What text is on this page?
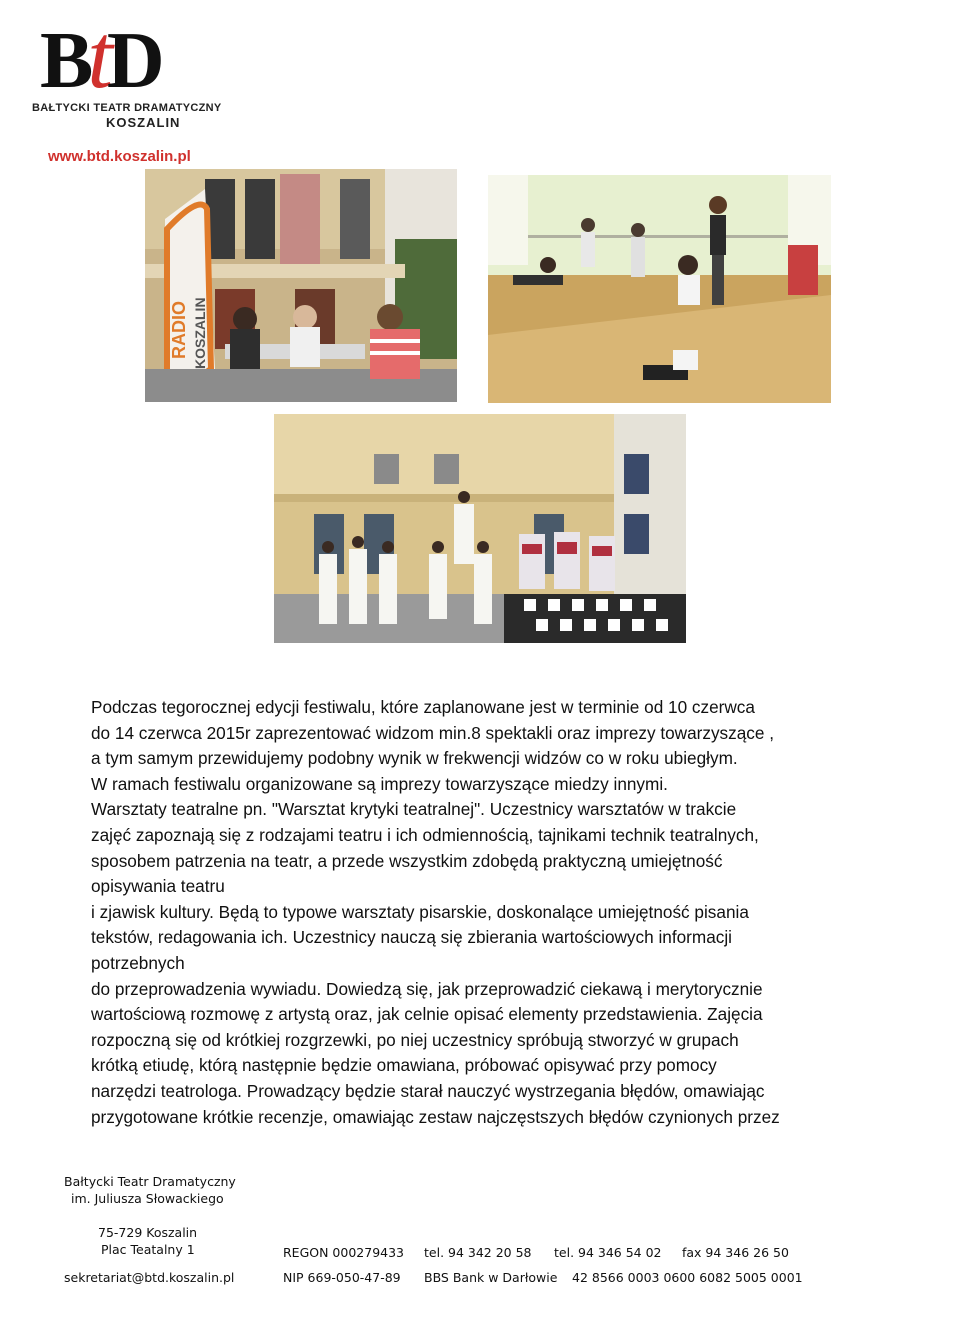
BtD
BAŁTYCKI TEATR DRAMATYCZNY
KOSZALIN
www.btd.koszalin.pl
RADIO KOSZALIN
Podczas tegorocznej edycji festiwalu, które zaplanowane jest w terminie od 10 czerwca
do 14 czerwca 2015r zaprezentować widzom min.8 spektakli oraz imprezy towarzyszące ,
a tym samym przewidujemy podobny wynik w frekwencji widzów co w roku ubiegłym.
W ramach festiwalu organizowane są imprezy towarzyszące miedzy innymi.
Warsztaty teatralne pn. "Warsztat krytyki teatralnej". Uczestnicy warsztatów w trakcie
zajęć zapoznają się z rodzajami teatru i ich odmiennością, tajnikami technik teatralnych,
sposobem patrzenia na teatr, a przede wszystkim zdobędą praktyczną umiejętność
opisywania teatru
i zjawisk kultury. Będą to typowe warsztaty pisarskie, doskonalące umiejętność pisania
tekstów, redagowania ich. Uczestnicy nauczą się zbierania wartościowych informacji
potrzebnych
do przeprowadzenia wywiadu. Dowiedzą się, jak przeprowadzić ciekawą i merytorycznie
wartościową rozmowę z artystą oraz, jak celnie opisać elementy przedstawienia. Zajęcia
rozpoczną się od krótkiej rozgrzewki, po niej uczestnicy spróbują stworzyć w grupach
krótką etiudę, którą następnie będzie omawiana, próbować opisywać przy pomocy
narzędzi teatrologa. Prowadzący będzie starał nauczyć wystrzegania błędów, omawiając
przygotowane krótkie recenzje, omawiając zestaw najczęstszych błędów czynionych przez
Bałtycki Teatr Dramatyczny
im. Juliusza Słowackiego
75-729 Koszalin
Plac Teatalny 1
sekretariat@btd.koszalin.pl
REGON 000279433
NIP 669-050-47-89
tel. 94 342 20 58
BBS Bank w Darłowie
tel. 94 346 54 02
42 8566 0003 0600 6082 5005 0001
fax 94 346 26 50
